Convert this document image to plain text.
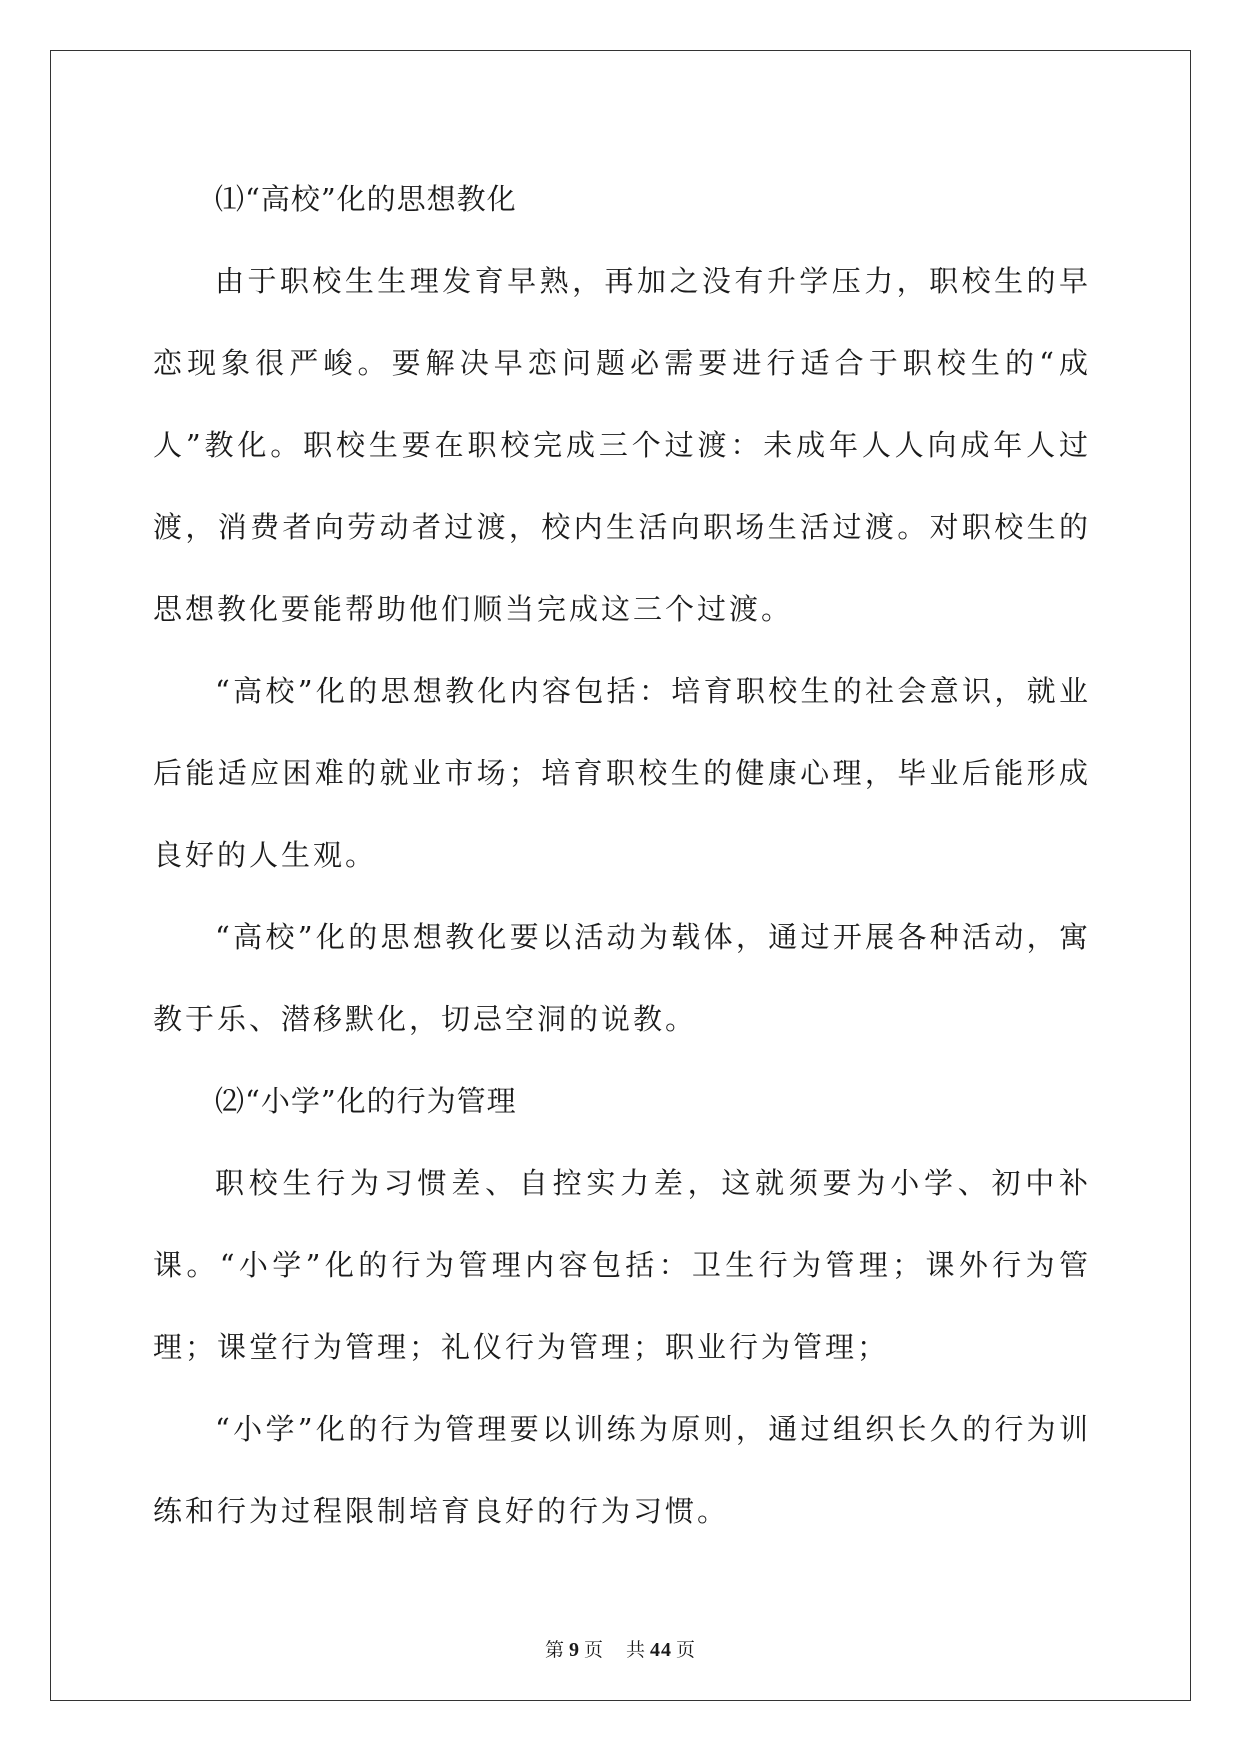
⑴“高校”化的思想教化

由于职校生生理发育早熟，再加之没有升学压力，职校生的早恋现象很严峻。要解决早恋问题必需要进行适合于职校生的“成人”教化。职校生要在职校完成三个过渡：未成年人人向成年人过渡，消费者向劳动者过渡，校内生活向职场生活过渡。对职校生的思想教化要能帮助他们顺当完成这三个过渡。

“高校”化的思想教化内容包括：培育职校生的社会意识，就业后能适应困难的就业市场；培育职校生的健康心理，毕业后能形成良好的人生观。

“高校”化的思想教化要以活动为载体，通过开展各种活动，寓教于乐、潜移默化，切忌空洞的说教。

⑵“小学”化的行为管理

职校生行为习惯差、自控实力差，这就须要为小学、初中补课。“小学”化的行为管理内容包括：卫生行为管理；课外行为管理；课堂行为管理；礼仪行为管理；职业行为管理；

“小学”化的行为管理要以训练为原则，通过组织长久的行为训练和行为过程限制培育良好的行为习惯。

第 9 页 共 44 页
